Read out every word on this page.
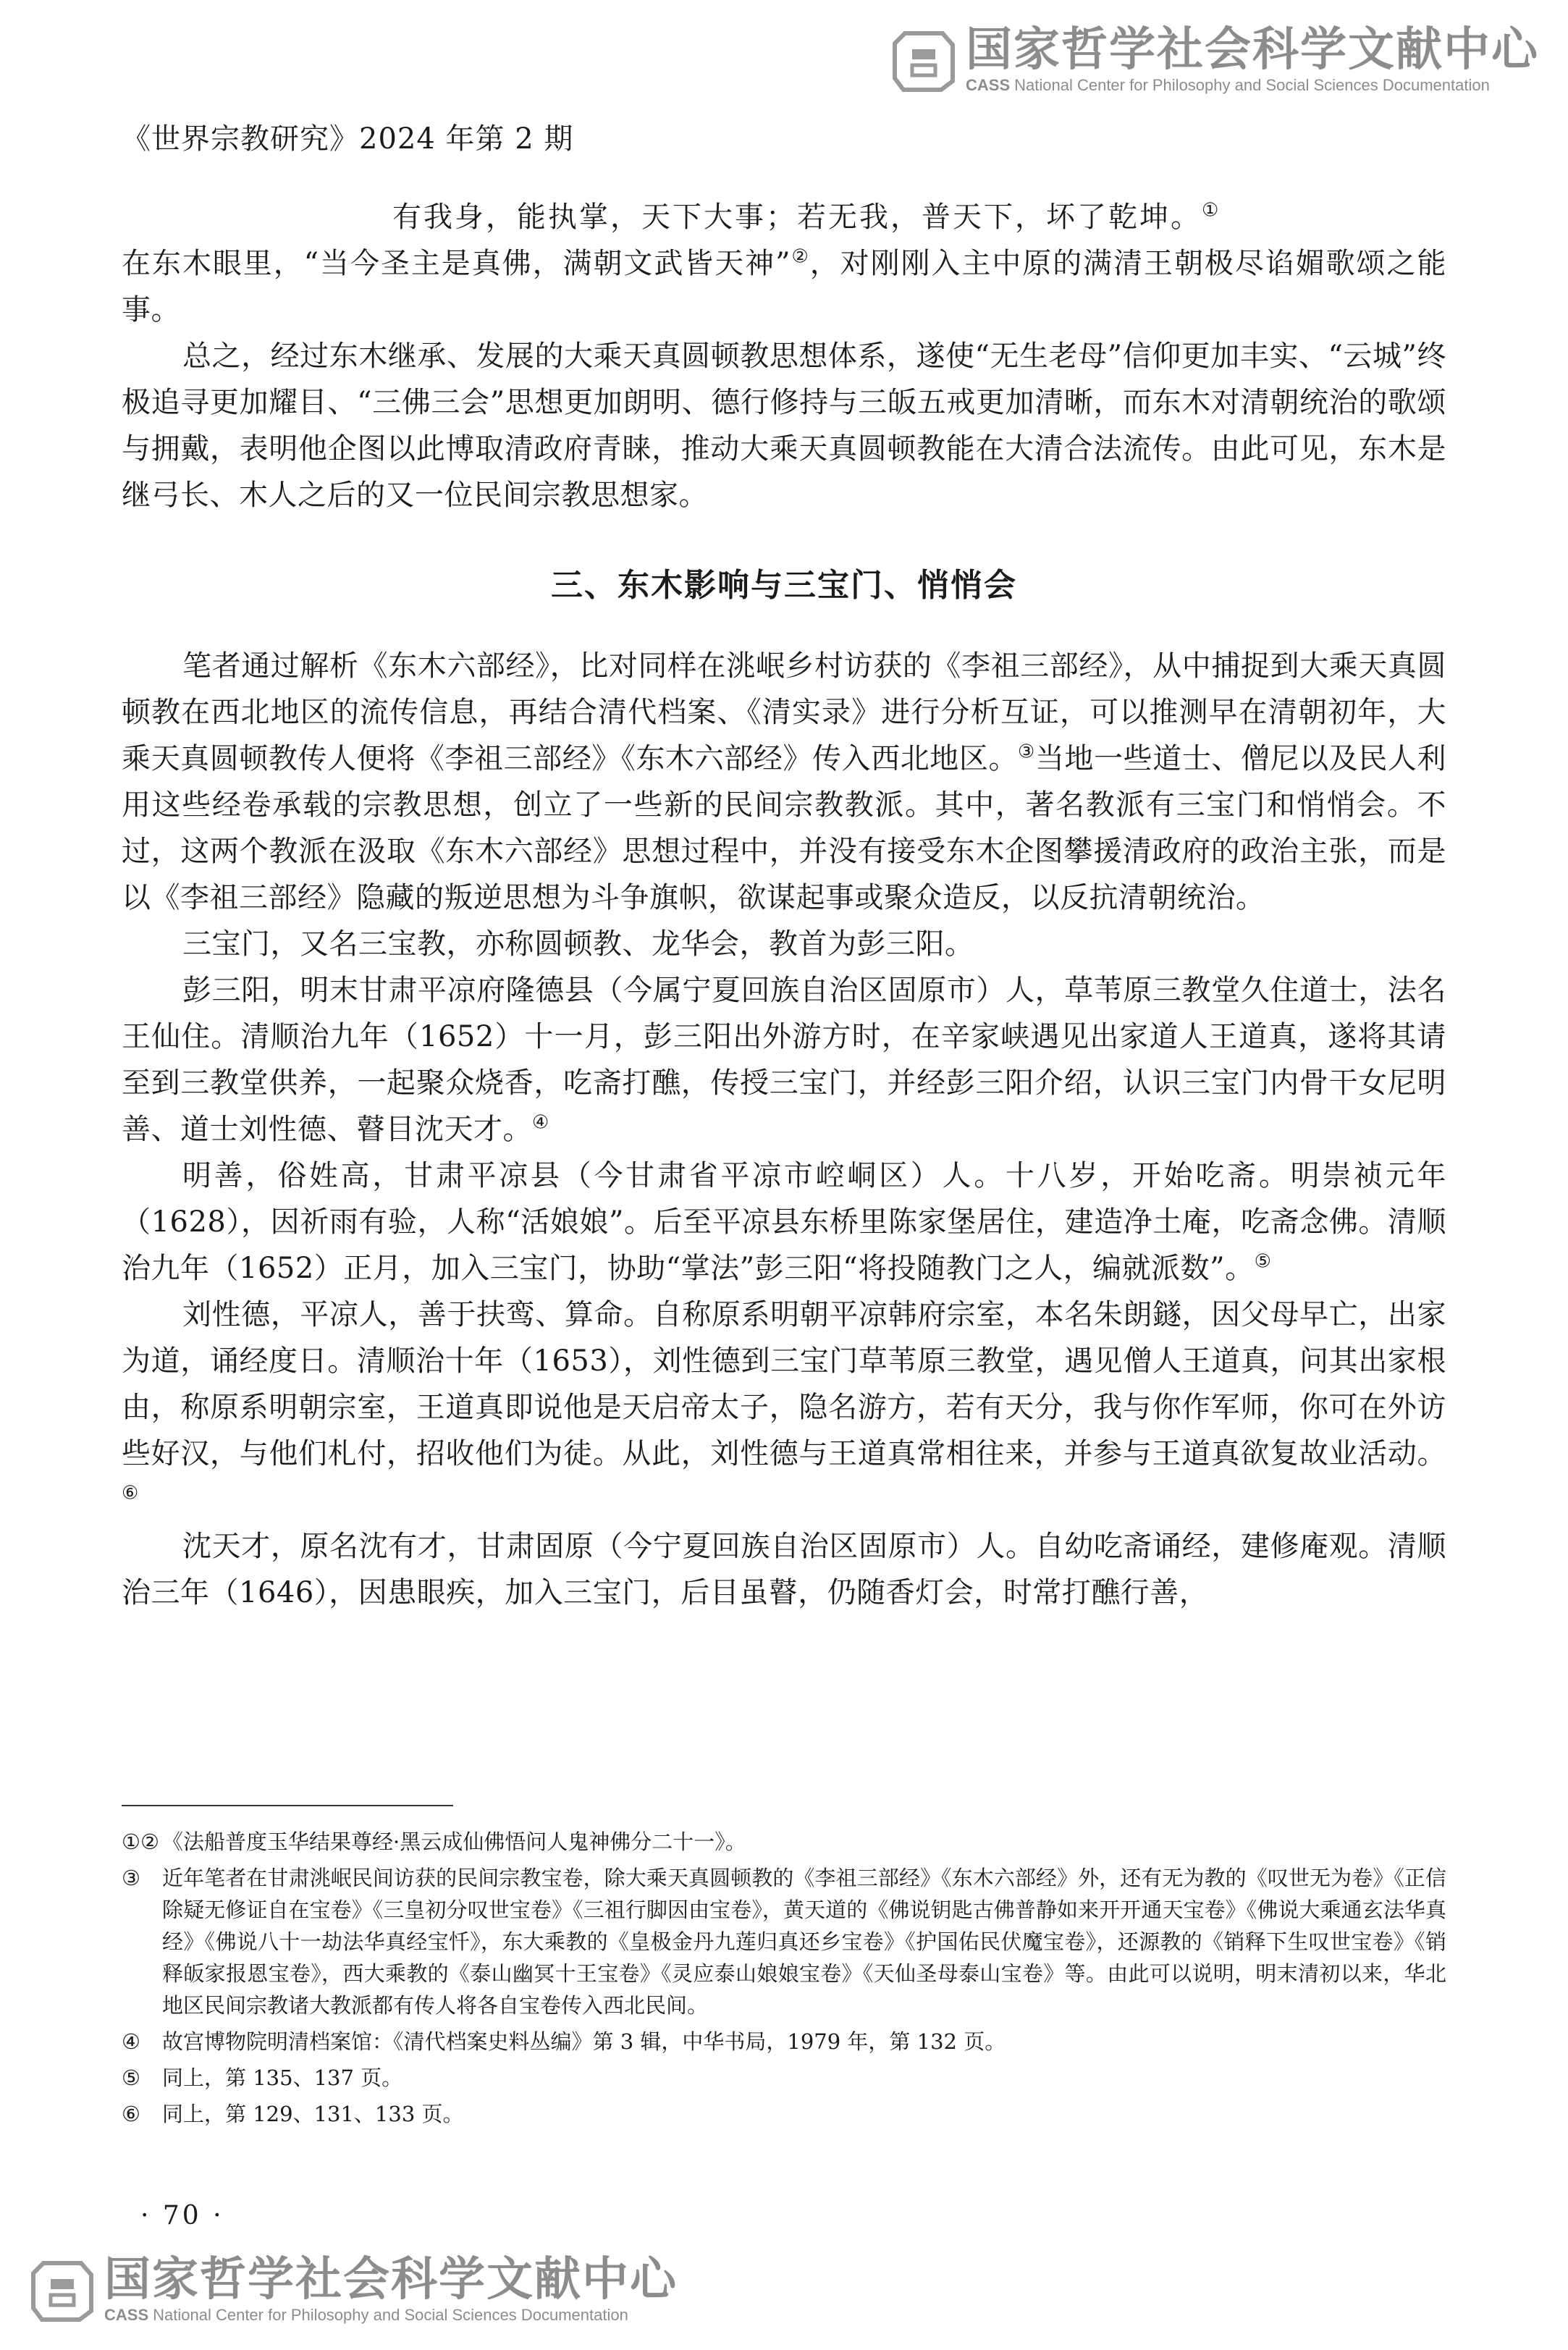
国家哲学社会科学文献中心
CASS National Center for Philosophy and Social Sciences Documentation
《世界宗教研究》2024 年第 2 期

有我身，能执掌，天下大事；若无我，普天下，坏了乾坤。①

在东木眼里，“当今圣主是真佛，满朝文武皆天神”②，对刚刚入主中原的满清王朝极尽谄媚歌颂之能事。

总之，经过东木继承、发展的大乘天真圆顿教思想体系，遂使“无生老母”信仰更加丰实、“云城”终极追寻更加耀目、“三佛三会”思想更加朗明、德行修持与三皈五戒更加清晰，而东木对清朝统治的歌颂与拥戴，表明他企图以此博取清政府青睐，推动大乘天真圆顿教能在大清合法流传。由此可见，东木是继弓长、木人之后的又一位民间宗教思想家。

三、东木影响与三宝门、悄悄会

笔者通过解析《东木六部经》，比对同样在洮岷乡村访获的《李祖三部经》，从中捕捉到大乘天真圆顿教在西北地区的流传信息，再结合清代档案、《清实录》进行分析互证，可以推测早在清朝初年，大乘天真圆顿教传人便将《李祖三部经》《东木六部经》传入西北地区。③当地一些道士、僧尼以及民人利用这些经卷承载的宗教思想，创立了一些新的民间宗教教派。其中，著名教派有三宝门和悄悄会。不过，这两个教派在汲取《东木六部经》思想过程中，并没有接受东木企图攀援清政府的政治主张，而是以《李祖三部经》隐藏的叛逆思想为斗争旗帜，欲谋起事或聚众造反，以反抗清朝统治。

三宝门，又名三宝教，亦称圆顿教、龙华会，教首为彭三阳。

彭三阳，明末甘肃平凉府隆德县（今属宁夏回族自治区固原市）人，草苇原三教堂久住道士，法名王仙住。清顺治九年（1652）十一月，彭三阳出外游方时，在辛家峡遇见出家道人王道真，遂将其请至到三教堂供养，一起聚众烧香，吃斋打醮，传授三宝门，并经彭三阳介绍，认识三宝门内骨干女尼明善、道士刘性德、瞽目沈天才。④

明善，俗姓高，甘肃平凉县（今甘肃省平凉市崆峒区）人。十八岁，开始吃斋。明崇祯元年（1628），因祈雨有验，人称“活娘娘”。后至平凉县东桥里陈家堡居住，建造净土庵，吃斋念佛。清顺治九年（1652）正月，加入三宝门，协助“掌法”彭三阳“将投随教门之人，编就派数”。⑤

刘性德，平凉人，善于扶鸾、算命。自称原系明朝平凉韩府宗室，本名朱朗鐩，因父母早亡，出家为道，诵经度日。清顺治十年（1653），刘性德到三宝门草苇原三教堂，遇见僧人王道真，问其出家根由，称原系明朝宗室，王道真即说他是天启帝太子，隐名游方，若有天分，我与你作军师，你可在外访些好汉，与他们札付，招收他们为徒。从此，刘性德与王道真常相往来，并参与王道真欲复故业活动。⑥

沈天才，原名沈有才，甘肃固原（今宁夏回族自治区固原市）人。自幼吃斋诵经，建修庵观。清顺治三年（1646），因患眼疾，加入三宝门，后目虽瞽，仍随香灯会，时常打醮行善，

①② 《法船普度玉华结果尊经·黑云成仙佛悟问人鬼神佛分二十一》。
③	近年笔者在甘肃洮岷民间访获的民间宗教宝卷，除大乘天真圆顿教的《李祖三部经》《东木六部经》外，还有无为教的《叹世无为卷》《正信除疑无修证自在宝卷》《三皇初分叹世宝卷》《三祖行脚因由宝卷》，黄天道的《佛说钥匙古佛普静如来开开通天宝卷》《佛说大乘通玄法华真经》《佛说八十一劫法华真经宝忏》，东大乘教的《皇极金丹九莲归真还乡宝卷》《护国佑民伏魔宝卷》，还源教的《销释下生叹世宝卷》《销释皈家报恩宝卷》，西大乘教的《泰山幽冥十王宝卷》《灵应泰山娘娘宝卷》《天仙圣母泰山宝卷》等。由此可以说明，明末清初以来，华北地区民间宗教诸大教派都有传人将各自宝卷传入西北民间。
④	故宫博物院明清档案馆：《清代档案史料丛编》第 3 辑，中华书局，1979 年，第 132 页。
⑤	同上，第 135、137 页。
⑥	同上，第 129、131、133 页。
· 70 ·
国家哲学社会科学文献中心
CASS National Center for Philosophy and Social Sciences Documentation
